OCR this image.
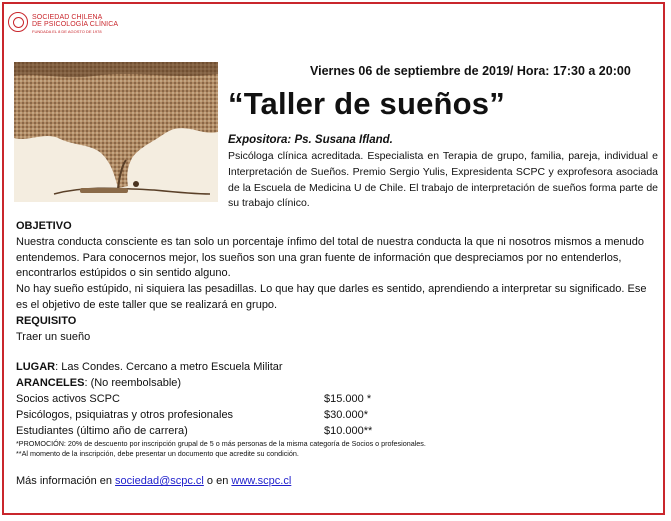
SOCIEDAD CHILENA
DE PSICOLOGÍA CLÍNICA
FUNDADA EL 8 DE AGOSTO DE 1978
Viernes 06 de septiembre de 2019/ Hora: 17:30 a 20:00
“Taller de sueños”
Expositora: Ps. Susana Ifland.
Psicóloga clínica acreditada. Especialista en Terapia de grupo, familia, pareja, individual e Interpretación de Sueños. Premio Sergio Yulis, Expresidenta SCPC y exprofesora asociada de la Escuela de Medicina U de Chile. El trabajo de interpretación de sueños forma parte de su trabajo clínico.

OBJETIVO

Nuestra conducta consciente es tan solo un porcentaje ínfimo del total de nuestra conducta la que ni nosotros mismos a menudo entendemos. Para conocernos mejor, los sueños son una gran fuente de información que despreciamos por no entenderlos, encontrarlos estúpidos o sin sentido alguno.

No hay sueño estúpido, ni siquiera las pesadillas. Lo que hay que darles es sentido, aprendiendo a interpretar su significado. Ese es el objetivo de este taller que se realizará en grupo.

REQUISITO

Traer un sueño

LUGAR: Las Condes. Cercano a metro Escuela Militar

ARANCELES: (No reembolsable)

Socios activos SCPC	$15.000 *
Psicólogos, psiquiatras y otros profesionales	$30.000*
Estudiantes (último año de carrera)	$10.000**

*PROMOCIÓN: 20% de descuento por inscripción grupal de 5 o más personas de la misma categoría de Socios o profesionales.

**Al momento de la inscripción, debe presentar un documento que acredite su condición.

Más información en sociedad@scpc.cl o en www.scpc.cl
